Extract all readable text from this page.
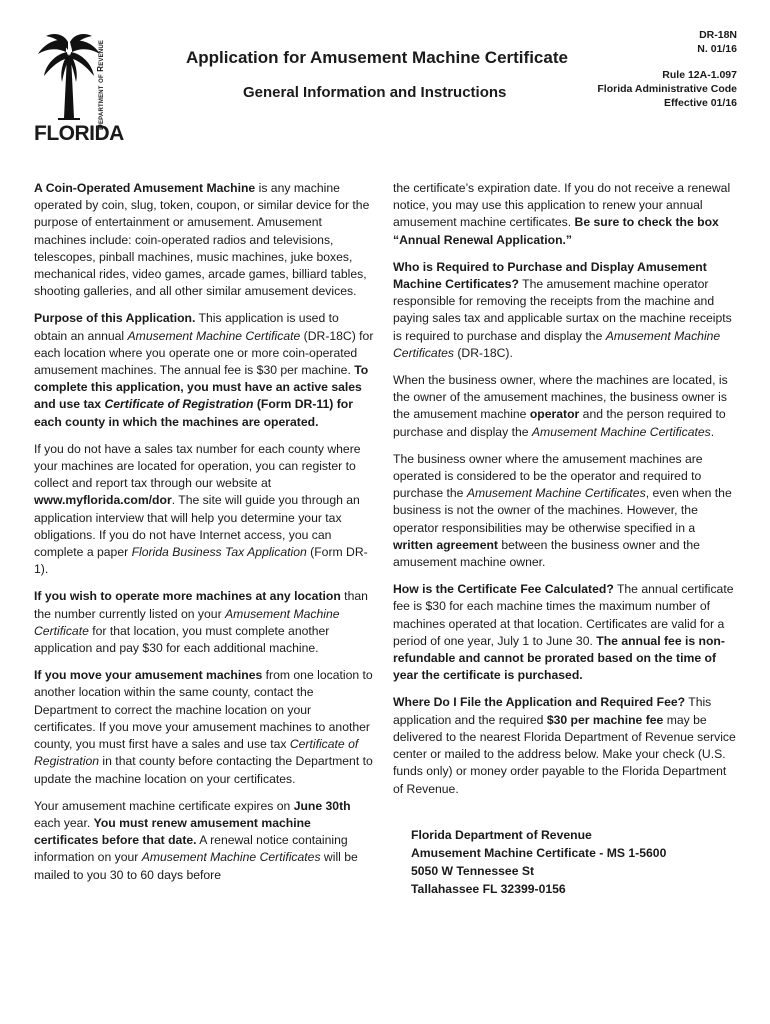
Department of Revenue
FLORIDA
Application for Amusement Machine Certificate
General Information and Instructions
DR-18N
N. 01/16
Rule 12A-1.097
Florida Administrative Code
Effective 01/16

A Coin-Operated Amusement Machine is any machine operated by coin, slug, token, coupon, or similar device for the purpose of entertainment or amusement. Amusement machines include: coin-operated radios and televisions, telescopes, pinball machines, music machines, juke boxes, mechanical rides, video games, arcade games, billiard tables, shooting galleries, and all other similar amusement devices.

Purpose of this Application. This application is used to obtain an annual Amusement Machine Certificate (DR-18C) for each location where you operate one or more coin-operated amusement machines. The annual fee is $30 per machine. To complete this application, you must have an active sales and use tax Certificate of Registration (Form DR-11) for each county in which the machines are operated.

If you do not have a sales tax number for each county where your machines are located for operation, you can register to collect and report tax through our website at www.myflorida.com/dor. The site will guide you through an application interview that will help you determine your tax obligations. If you do not have Internet access, you can complete a paper Florida Business Tax Application (Form DR-1).

If you wish to operate more machines at any location than the number currently listed on your Amusement Machine Certificate for that location, you must complete another application and pay $30 for each additional machine.

If you move your amusement machines from one location to another location within the same county, contact the Department to correct the machine location on your certificates. If you move your amusement machines to another county, you must first have a sales and use tax Certificate of Registration in that county before contacting the Department to update the machine location on your certificates.

Your amusement machine certificate expires on June 30th each year. You must renew amusement machine certificates before that date. A renewal notice containing information on your Amusement Machine Certificates will be mailed to you 30 to 60 days before

the certificate’s expiration date. If you do not receive a renewal notice, you may use this application to renew your annual amusement machine certificates. Be sure to check the box “Annual Renewal Application.”

Who is Required to Purchase and Display Amusement Machine Certificates? The amusement machine operator responsible for removing the receipts from the machine and paying sales tax and applicable surtax on the machine receipts is required to purchase and display the Amusement Machine Certificates (DR-18C).

When the business owner, where the machines are located, is the owner of the amusement machines, the business owner is the amusement machine operator and the person required to purchase and display the Amusement Machine Certificates.

The business owner where the amusement machines are operated is considered to be the operator and required to purchase the Amusement Machine Certificates, even when the business is not the owner of the machines. However, the operator responsibilities may be otherwise specified in a written agreement between the business owner and the amusement machine owner.

How is the Certificate Fee Calculated? The annual certificate fee is $30 for each machine times the maximum number of machines operated at that location. Certificates are valid for a period of one year, July 1 to June 30. The annual fee is non-refundable and cannot be prorated based on the time of year the certificate is purchased.

Where Do I File the Application and Required Fee? This application and the required $30 per machine fee may be delivered to the nearest Florida Department of Revenue service center or mailed to the address below. Make your check (U.S. funds only) or money order payable to the Florida Department of Revenue.

Florida Department of Revenue
Amusement Machine Certificate - MS 1-5600
5050 W Tennessee St
Tallahassee FL 32399-0156
